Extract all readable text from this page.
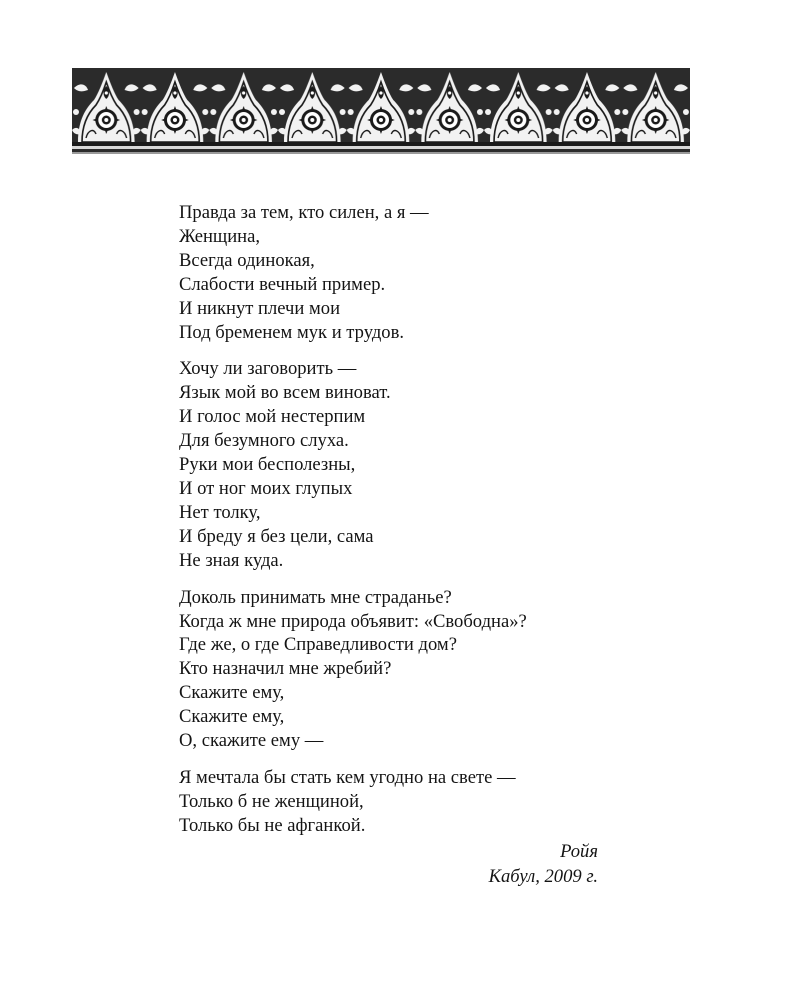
Правда за тем, кто силен, а я —
Женщина,
Всегда одинокая,
Слабости вечный пример.
И никнут плечи мои
Под бременем мук и трудов.
Хочу ли заговорить —
Язык мой во всем виноват.
И голос мой нестерпим
Для безумного слуха.
Руки мои бесполезны,
И от ног моих глупых
Нет толку,
И бреду я без цели, сама
Не зная куда.
Доколь принимать мне страданье?
Когда ж мне природа объявит: «Свободна»?
Где же, о где Справедливости дом?
Кто назначил мне жребий?
Скажите ему,
Скажите ему,
О, скажите ему —
Я мечтала бы стать кем угодно на свете —
Только б не женщиной,
Только бы не афганкой.
Ройя
Кабул, 2009 г.
